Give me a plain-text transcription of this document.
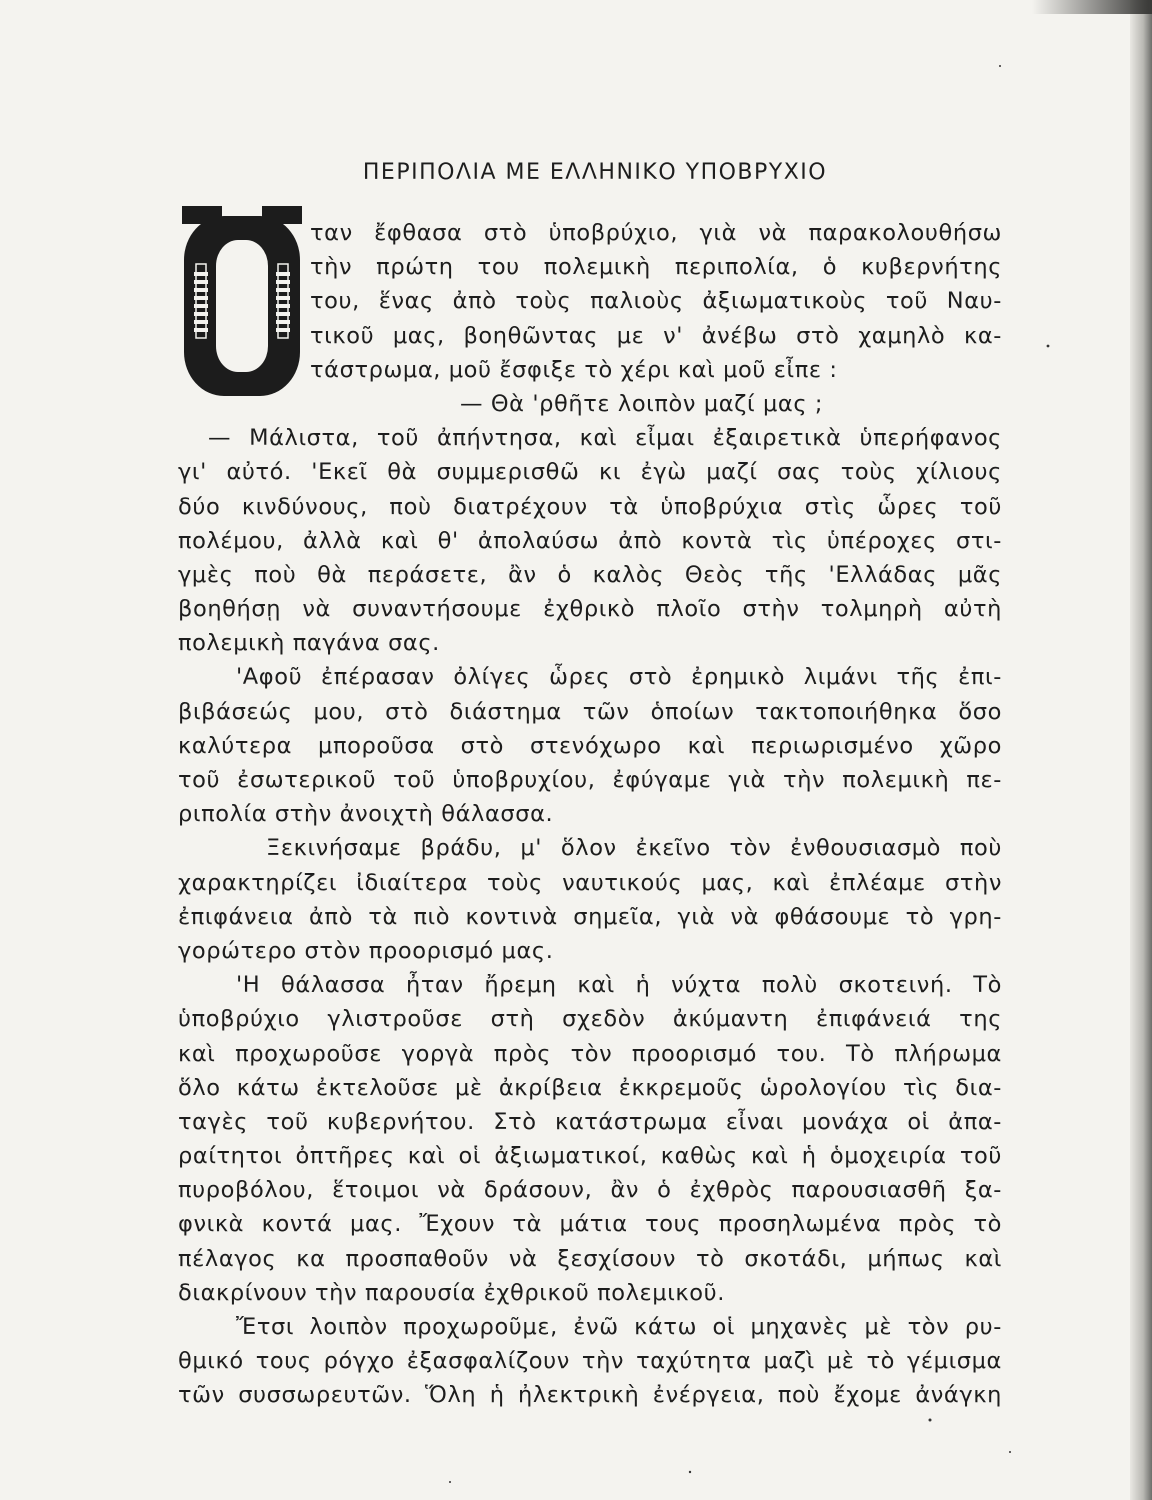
ΠΕΡΙΠΟΛΙΑ ΜΕ ΕΛΛΗΝΙΚΟ ΥΠΟΒΡΥΧΙΟ
ταν ἔφθασα στὸ ὑποβρύχιο, γιὰ νὰ παρακολουθήσω
τὴν πρώτη του πολεμικὴ περιπολία, ὁ κυβερνήτης
του, ἕνας ἀπὸ τοὺς παλιοὺς ἀξιωματικοὺς τοῦ Ναυ-
τικοῦ μας, βοηθῶντας με ν' ἀνέβω στὸ χαμηλὸ κα-
τάστρωμα, μοῦ ἔσφιξε τὸ χέρι καὶ μοῦ εἶπε :
— Θὰ 'ρθῆτε λοιπὸν μαζί μας ;
— Μάλιστα, τοῦ ἀπήντησα, καὶ εἶμαι ἐξαιρετικὰ ὑπερήφανος
γι' αὐτό. 'Εκεῖ θὰ συμμερισθῶ κι ἐγὼ μαζί σας τοὺς χίλιους
δύο κινδύνους, ποὺ διατρέχουν τὰ ὑποβρύχια στὶς ὧρες τοῦ
πολέμου, ἀλλὰ καὶ θ' ἀπολαύσω ἀπὸ κοντὰ τὶς ὑπέροχες στι-
γμὲς ποὺ θὰ περάσετε, ἂν ὁ καλὸς Θεὸς τῆς 'Ελλάδας μᾶς
βοηθήσῃ νὰ συναντήσουμε ἐχθρικὸ πλοῖο στὴν τολμηρὴ αὐτὴ
πολεμικὴ παγάνα σας.
'Αφοῦ ἐπέρασαν ὀλίγες ὧρες στὸ ἐρημικὸ λιμάνι τῆς ἐπι-
βιβάσεώς μου, στὸ διάστημα τῶν ὁποίων τακτοποιήθηκα ὅσο
καλύτερα μποροῦσα στὸ στενόχωρο καὶ περιωρισμένο χῶρο
τοῦ ἐσωτερικοῦ τοῦ ὑποβρυχίου, ἐφύγαμε γιὰ τὴν πολεμικὴ πε-
ριπολία στὴν ἀνοιχτὴ θάλασσα.
Ξεκινήσαμε βράδυ, μ' ὅλον ἐκεῖνο τὸν ἐνθουσιασμὸ ποὺ
χαρακτηρίζει ἰδιαίτερα τοὺς ναυτικούς μας, καὶ ἐπλέαμε στὴν
ἐπιφάνεια ἀπὸ τὰ πιὸ κοντινὰ σημεῖα, γιὰ νὰ φθάσουμε τὸ γρη-
γορώτερο στὸν προορισμό μας.
'Η θάλασσα ἦταν ἤρεμη καὶ ἡ νύχτα πολὺ σκοτεινή. Τὸ
ὑποβρύχιο γλιστροῦσε στὴ σχεδὸν ἀκύμαντη ἐπιφάνειά της
καὶ προχωροῦσε γοργὰ πρὸς τὸν προορισμό του. Τὸ πλήρωμα
ὅλο κάτω ἐκτελοῦσε μὲ ἀκρίβεια ἐκκρεμοῦς ὡρολογίου τὶς δια-
ταγὲς τοῦ κυβερνήτου. Στὸ κατάστρωμα εἶναι μονάχα οἱ ἀπα-
ραίτητοι ὀπτῆρες καὶ οἱ ἀξιωματικοί, καθὼς καὶ ἡ ὁμοχειρία τοῦ
πυροβόλου, ἕτοιμοι νὰ δράσουν, ἂν ὁ ἐχθρὸς παρουσιασθῆ ξα-
φνικὰ κοντά μας. Ἔχουν τὰ μάτια τους προσηλωμένα πρὸς τὸ
πέλαγος κα προσπαθοῦν νὰ ξεσχίσουν τὸ σκοτάδι, μήπως καὶ
διακρίνουν τὴν παρουσία ἐχθρικοῦ πολεμικοῦ.
Ἔτσι λοιπὸν προχωροῦμε, ἐνῶ κάτω οἱ μηχανὲς μὲ τὸν ρυ-
θμικό τους ρόγχο ἐξασφαλίζουν τὴν ταχύτητα μαζὶ μὲ τὸ γέμισμα
τῶν συσσωρευτῶν. Ὅλη ἡ ἠλεκτρικὴ ἐνέργεια, ποὺ ἔχομε ἀνάγκη
